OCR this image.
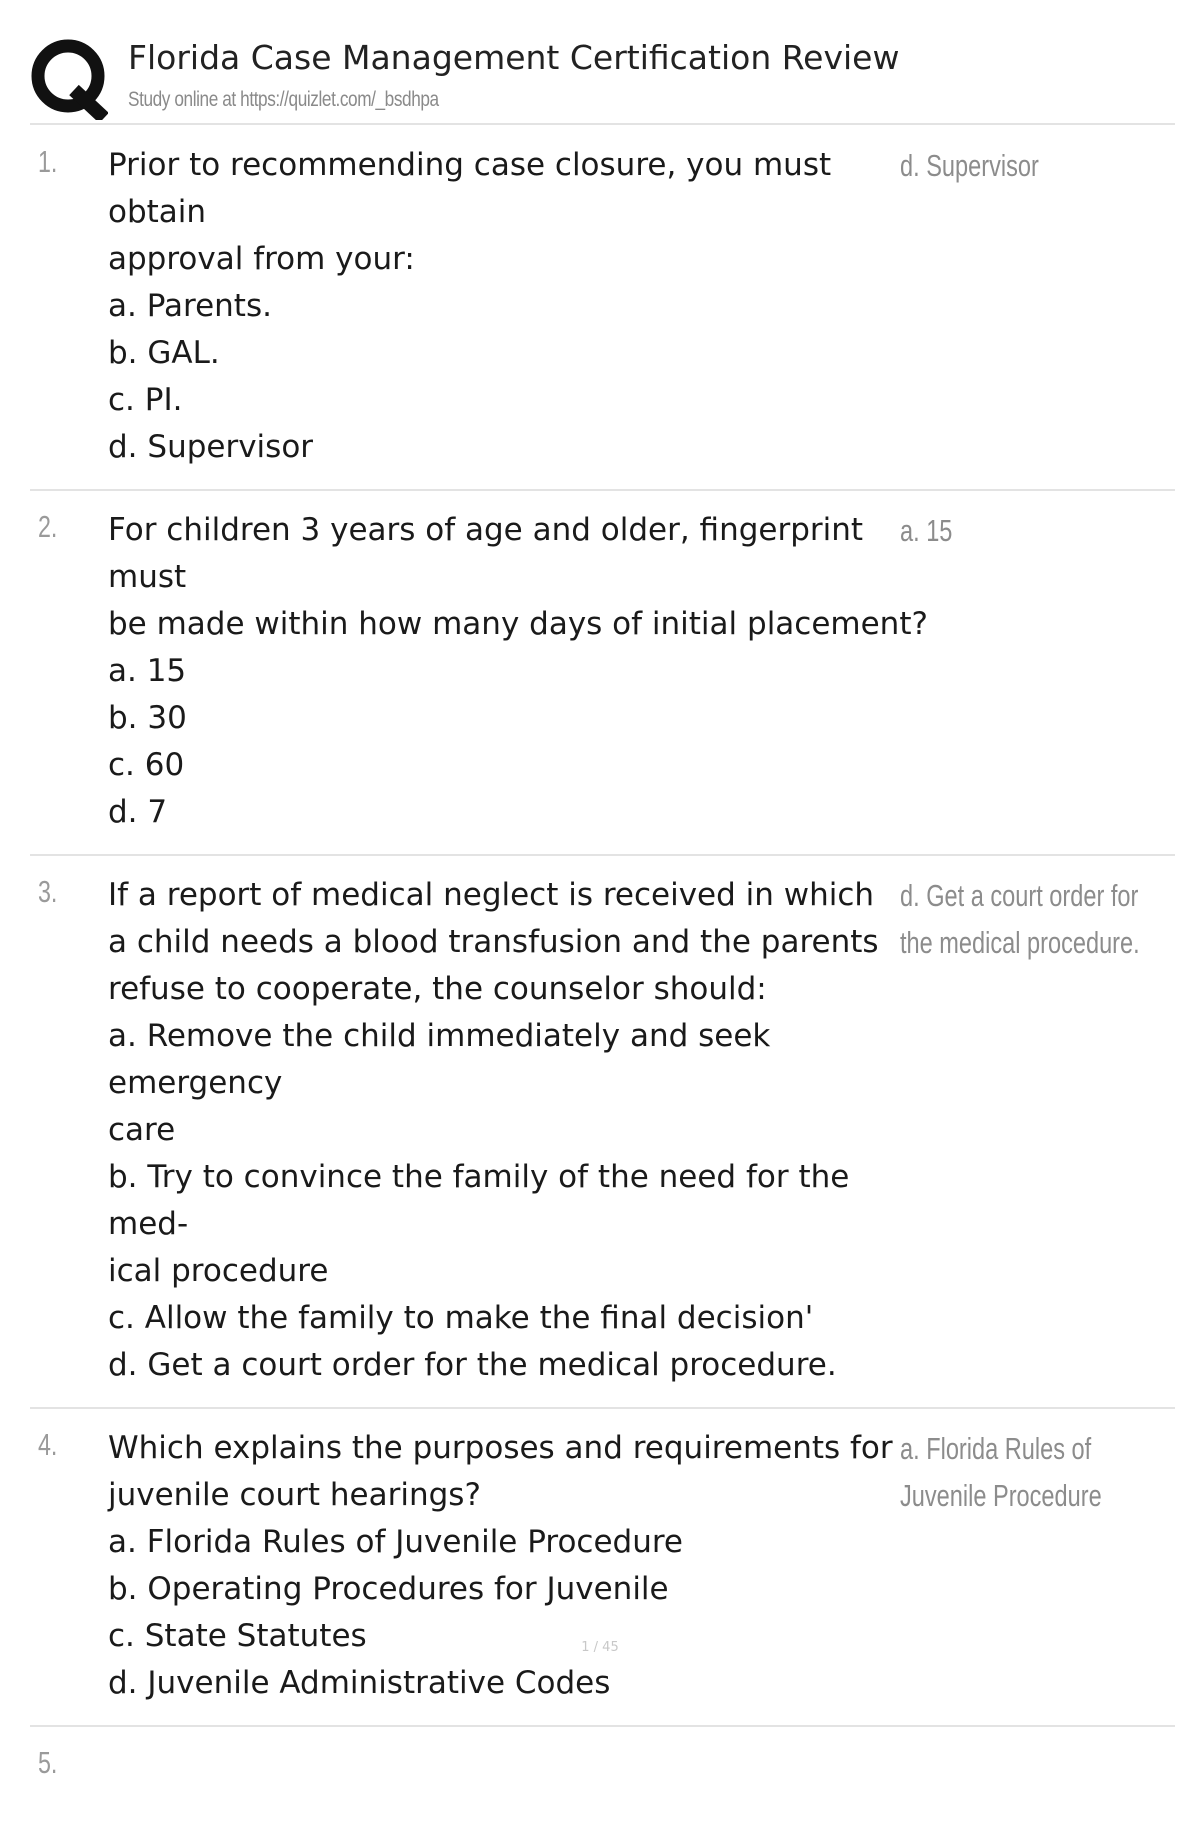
Florida Case Management Certification Review
Study online at https://quizlet.com/_bsdhpa
1. Prior to recommending case closure, you must obtain
approval from your:
a. Parents.
b. GAL.
c. PI.
d. Supervisor
d. Supervisor
2. For children 3 years of age and older, fingerprint must
be made within how many days of initial placement?
a. 15
b. 30
c. 60
d. 7
a. 15
3. If a report of medical neglect is received in which
a child needs a blood transfusion and the parents
refuse to cooperate, the counselor should:
a. Remove the child immediately and seek emergency
care
b. Try to convince the family of the need for the med-
ical procedure
c. Allow the family to make the final decision'
d. Get a court order for the medical procedure.
d. Get a court order for the medical procedure.
4. Which explains the purposes and requirements for
juvenile court hearings?
a. Florida Rules of Juvenile Procedure
b. Operating Procedures for Juvenile
c. State Statutes
d. Juvenile Administrative Codes
a. Florida Rules of Juvenile Procedure
5.
1 / 45
